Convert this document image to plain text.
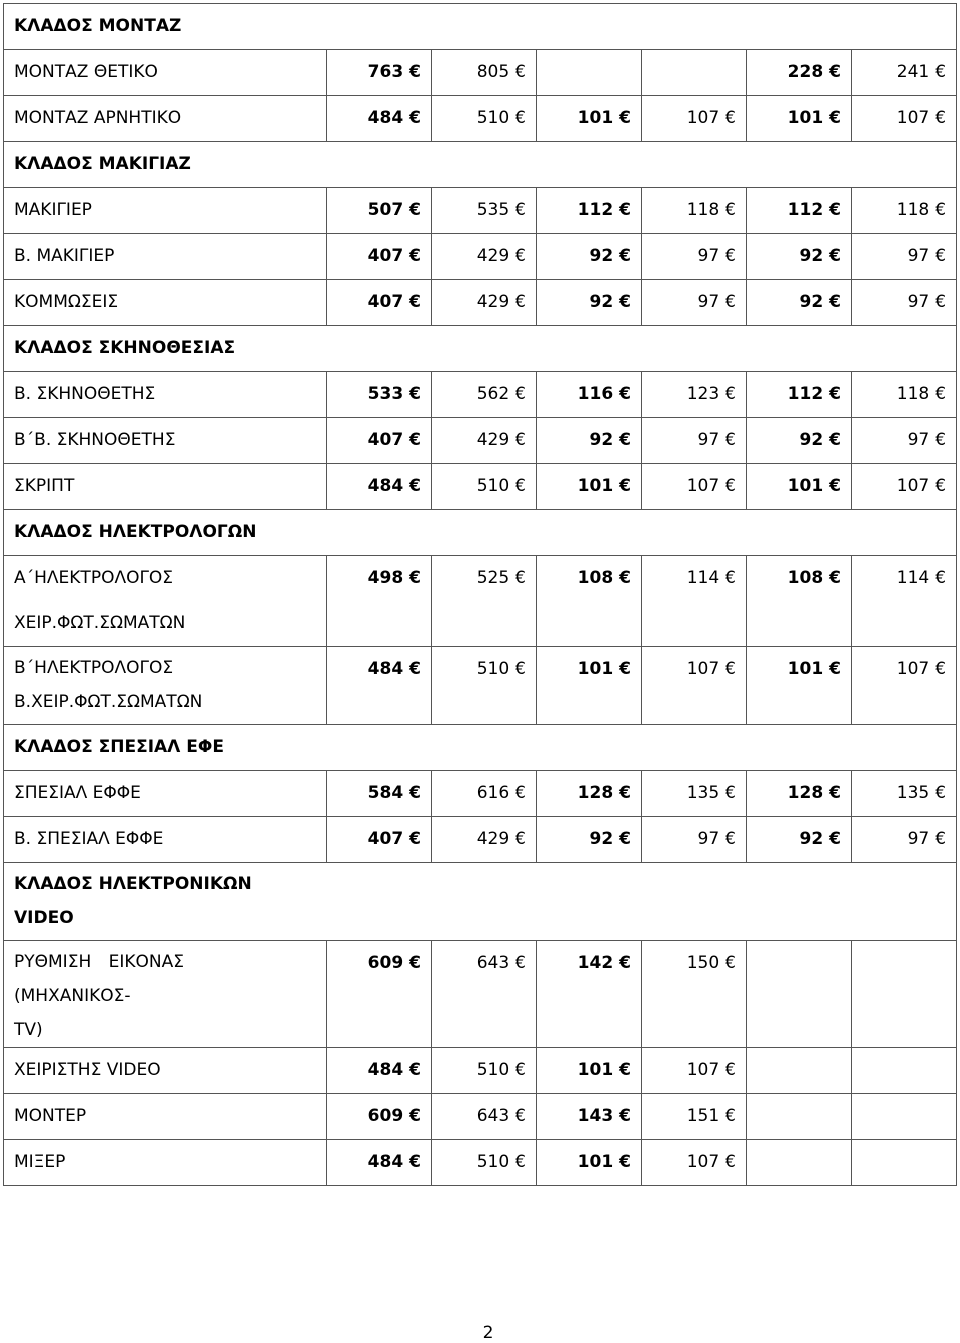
ΚΛΑΔΟΣ ΜΟΝΤΑΖ						

ΜΟΝΤΑΖ ΘΕΤΙΚΟ	763 €	805 €			228 €	241 €

ΜΟΝΤΑΖ ΑΡΝΗΤΙΚΟ	484 €	510 €	101 €	107 €	101 €	107 €

ΚΛΑΔΟΣ ΜΑΚΙΓΙΑΖ						

ΜΑΚΙΓΙΕΡ	507 €	535 €	112 €	118 €	112 €	118 €

Β. ΜΑΚΙΓΙΕΡ	407 €	429 €	92 €	97 €	92 €	97 €

ΚΟΜΜΩΣΕΙΣ	407 €	429 €	92 €	97 €	92 €	97 €

ΚΛΑΔΟΣ ΣΚΗΝΟΘΕΣΙΑΣ						

Β. ΣΚΗΝΟΘΕΤΗΣ	533 €	562 €	116 €	123 €	112 €	118 €

Β΄Β. ΣΚΗΝΟΘΕΤΗΣ	407 €	429 €	92 €	97 €	92 €	97 €

ΣΚΡΙΠΤ	484 €	510 €	101 €	107 €	101 €	107 €

ΚΛΑΔΟΣ ΗΛΕΚΤΡΟΛΟΓΩΝ						

Α΄ΗΛΕΚΤΡΟΛΟΓΟΣ ΧΕΙΡ.ΦΩΤ.ΣΩΜΑΤΩΝ	498 €	525 €	108 €	114 €	108 €	114 €

Β΄ΗΛΕΚΤΡΟΛΟΓΟΣ
Β.ΧΕΙΡ.ΦΩΤ.ΣΩΜΑΤΩΝ	484 €	510 €	101 €	107 €	101 €	107 €

ΚΛΑΔΟΣ ΣΠΕΣΙΑΛ ΕΦΕ						

ΣΠΕΣΙΑΛ ΕΦΦΕ	584 €	616 €	128 €	135 €	128 €	135 €

Β. ΣΠΕΣΙΑΛ ΕΦΦΕ	407 €	429 €	92 €	97 €	92 €	97 €

ΚΛΑΔΟΣ ΗΛΕΚΤΡΟΝΙΚΩΝ
VIDEO						

ΡΥΘΜΙΣΗ ΕΙΚΟΝΑΣ (ΜΗΧΑΝΙΚΟΣ-
TV)	609 €	643 €	142 €	150 €		

ΧΕΙΡΙΣΤΗΣ VIDEO	484 €	510 €	101 €	107 €		

ΜΟΝΤΕΡ	609 €	643 €	143 €	151 €		

ΜΙΞΕΡ	484 €	510 €	101 €	107 €		

2
